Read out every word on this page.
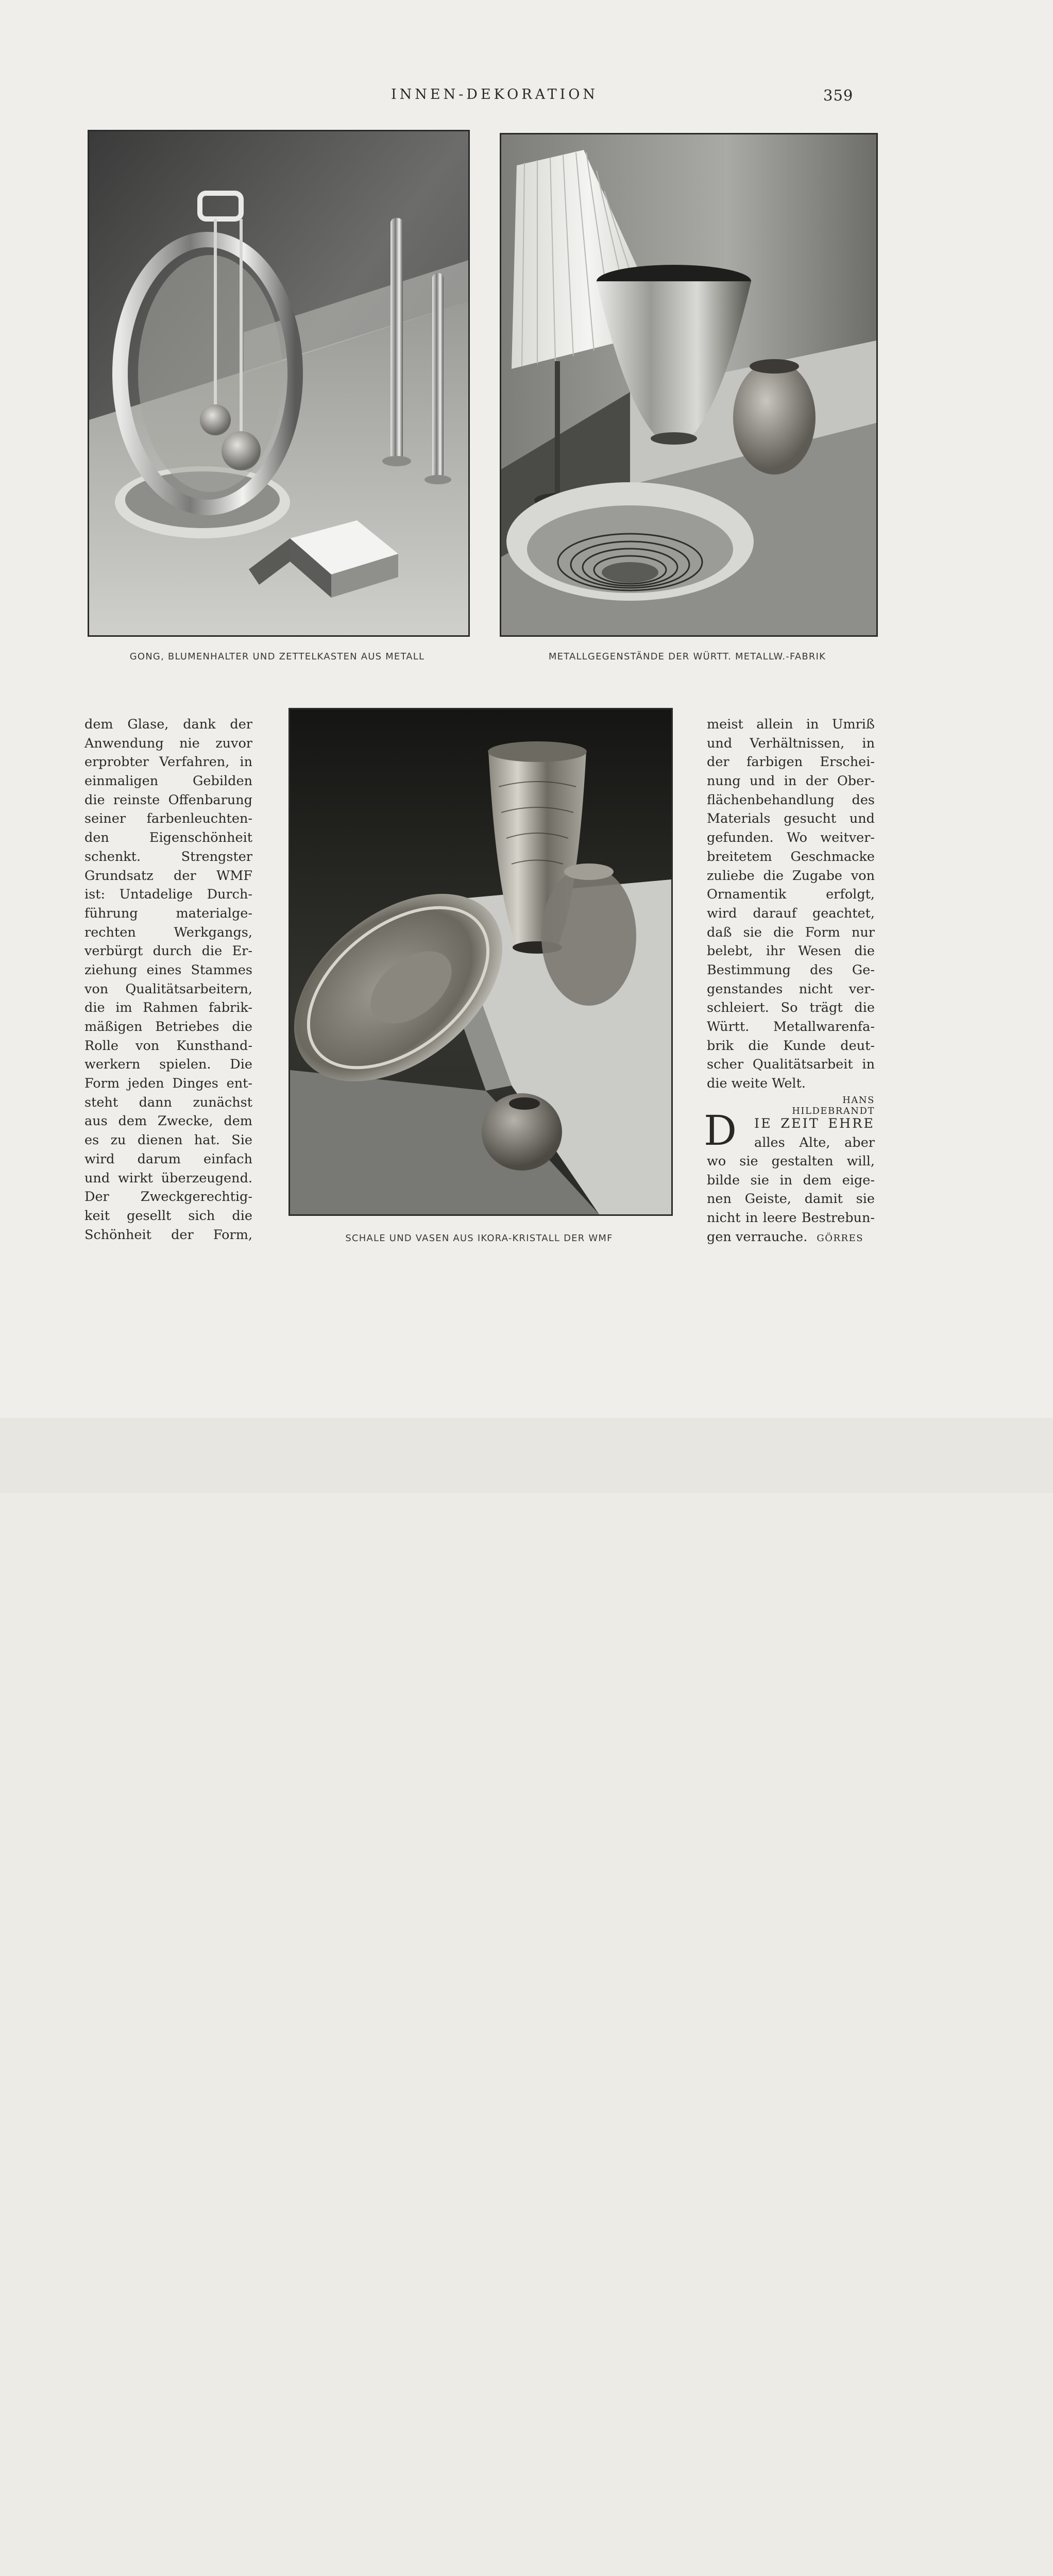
INNEN-DEKORATION	359
GONG, BLUMENHALTER UND ZETTELKASTEN AUS METALL	METALLGEGENSTÄNDE DER WÜRTT. METALLW.-FABRIK
SCHALE UND VASEN AUS IKORA-KRISTALL DER WMF
dem Glase, dank der
Anwendung nie zuvor
erprobter Verfahren, in
einmaligen Gebilden
die reinste Offenbarung
seiner farbenleuchten-
den Eigenschönheit
schenkt. Strengster
Grundsatz der WMF
ist: Untadelige Durch-
führung materialge-
rechten Werkgangs,
verbürgt durch die Er-
ziehung eines Stammes
von Qualitätsarbeitern,
die im Rahmen fabrik-
mäßigen Betriebes die
Rolle von Kunsthand-
werkern spielen. Die
Form jeden Dinges ent-
steht dann zunächst
aus dem Zwecke, dem
es zu dienen hat. Sie
wird darum einfach
und wirkt überzeugend.
Der Zweckgerechtig-
keit gesellt sich die
Schönheit der Form,
meist allein in Umriß
und Verhältnissen, in
der farbigen Erschei-
nung und in der Ober-
flächenbehandlung des
Materials gesucht und
gefunden. Wo weitver-
breitetem Geschmacke
zuliebe die Zugabe von
Ornamentik erfolgt,
wird darauf geachtet,
daß sie die Form nur
belebt, ihr Wesen die
Bestimmung des Ge-
genstandes nicht ver-
schleiert. So trägt die
Württ. Metallwarenfa-
brik die Kunde deut-
scher Qualitätsarbeit in
die weite Welt.
HANS HILDEBRANDT
D	IE ZEIT EHRE
alles Alte, aber
wo sie gestalten will,
bilde sie in dem eige-
nen Geiste, damit sie
nicht in leere Bestrebun-
gen verrauche. GÖRRES
